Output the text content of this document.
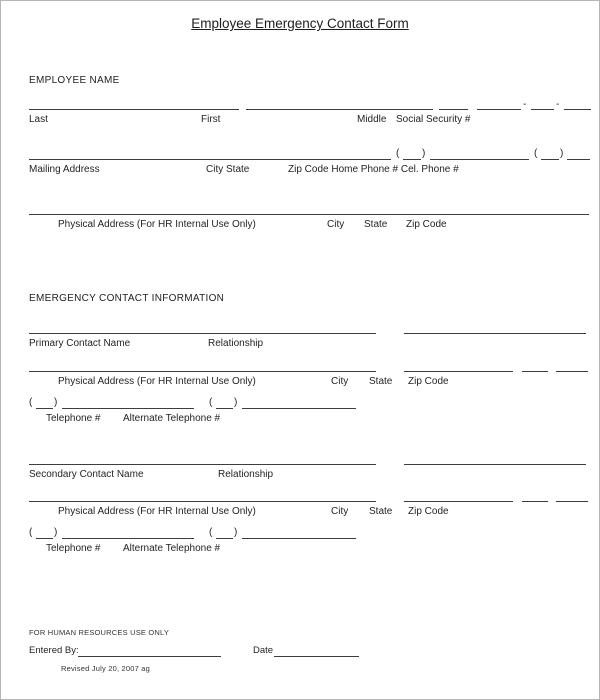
Employee Emergency Contact Form
EMPLOYEE NAME
-	-
Last	First	Middle Social Security #
( )	( )
Mailing Address	City State	Zip Code Home Phone # Cel. Phone #
Physical Address (For HR Internal Use Only)	City State Zip Code
EMERGENCY CONTACT INFORMATION
Primary Contact Name	Relationship
Physical Address (For HR Internal Use Only)	City State Zip Code
( )	( )
Telephone # Alternate Telephone #
Secondary Contact Name	Relationship
Physical Address (For HR Internal Use Only)	City State Zip Code
( )	( )
Telephone # Alternate Telephone #
FOR HUMAN RESOURCES USE ONLY
Entered By:	Date
Revised July 20, 2007 ag
